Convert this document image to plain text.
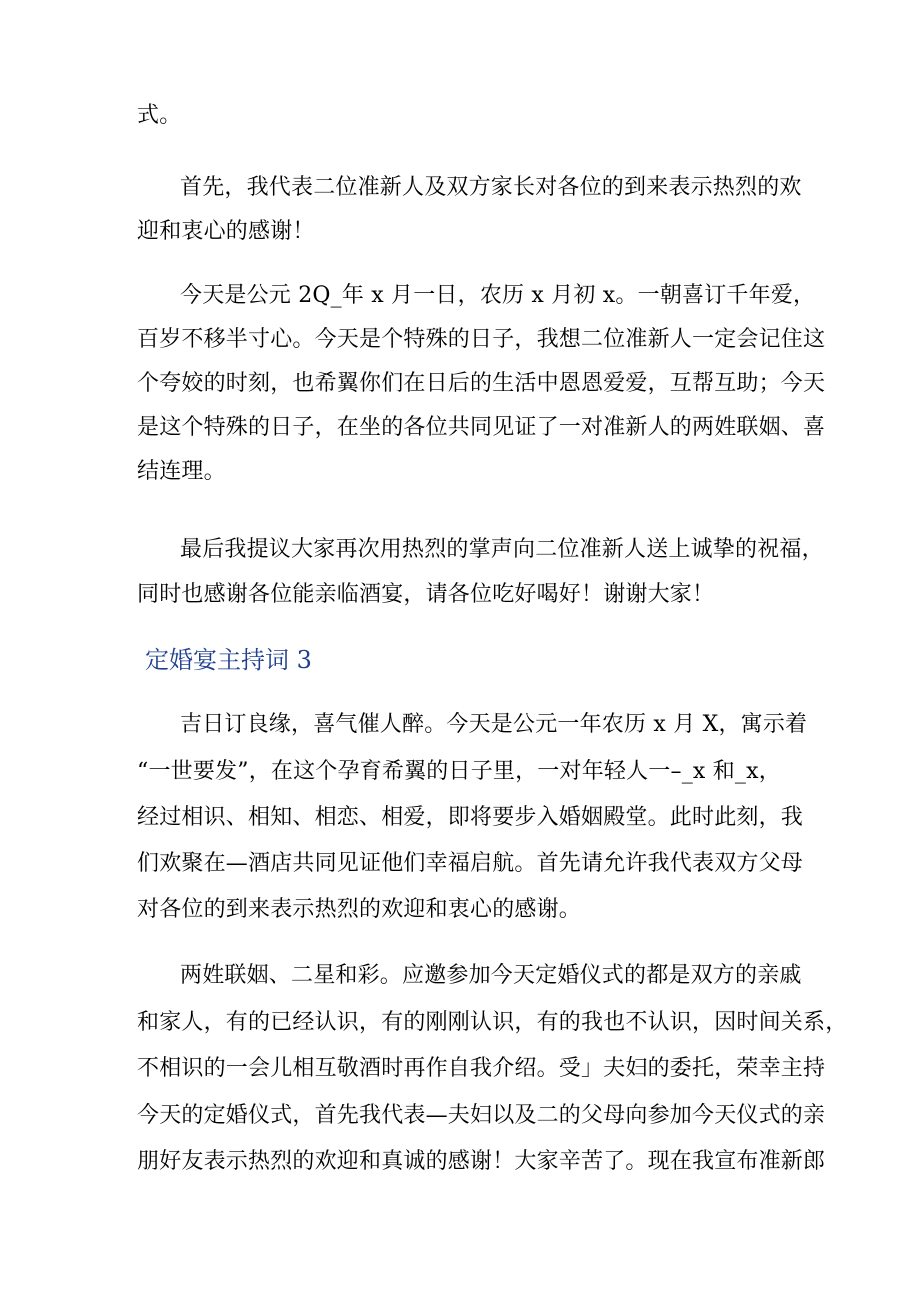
式。
首先，我代表二位准新人及双方家长对各位的到来表示热烈的欢
迎和衷心的感谢！
今天是公元 2Q_年 x 月一日，农历 x 月初 x。一朝喜订千年爱，
百岁不移半寸心。今天是个特殊的日子，我想二位准新人一定会记住这
个夸姣的时刻，也希翼你们在日后的生活中恩恩爱爱，互帮互助；今天
是这个特殊的日子，在坐的各位共同见证了一对准新人的两姓联姻、喜
结连理。
最后我提议大家再次用热烈的掌声向二位准新人送上诚挚的祝福，
同时也感谢各位能亲临酒宴，请各位吃好喝好！谢谢大家！
定婚宴主持词 3
吉日订良缘，喜气催人醉。今天是公元一年农历 x 月 X，寓示着
“一世要发”，在这个孕育希翼的日子里，一对年轻人一–_x 和_x，
经过相识、相知、相恋、相爱，即将要步入婚姻殿堂。此时此刻，我
们欢聚在—酒店共同见证他们幸福启航。首先请允许我代表双方父母
对各位的到来表示热烈的欢迎和衷心的感谢。
两姓联姻、二星和彩。应邀参加今天定婚仪式的都是双方的亲戚
和家人，有的已经认识，有的刚刚认识，有的我也不认识，因时间关系，
不相识的一会儿相互敬酒时再作自我介绍。受」夫妇的委托，荣幸主持
今天的定婚仪式，首先我代表—夫妇以及二的父母向参加今天仪式的亲
朋好友表示热烈的欢迎和真诚的感谢！大家辛苦了。现在我宣布准新郎
